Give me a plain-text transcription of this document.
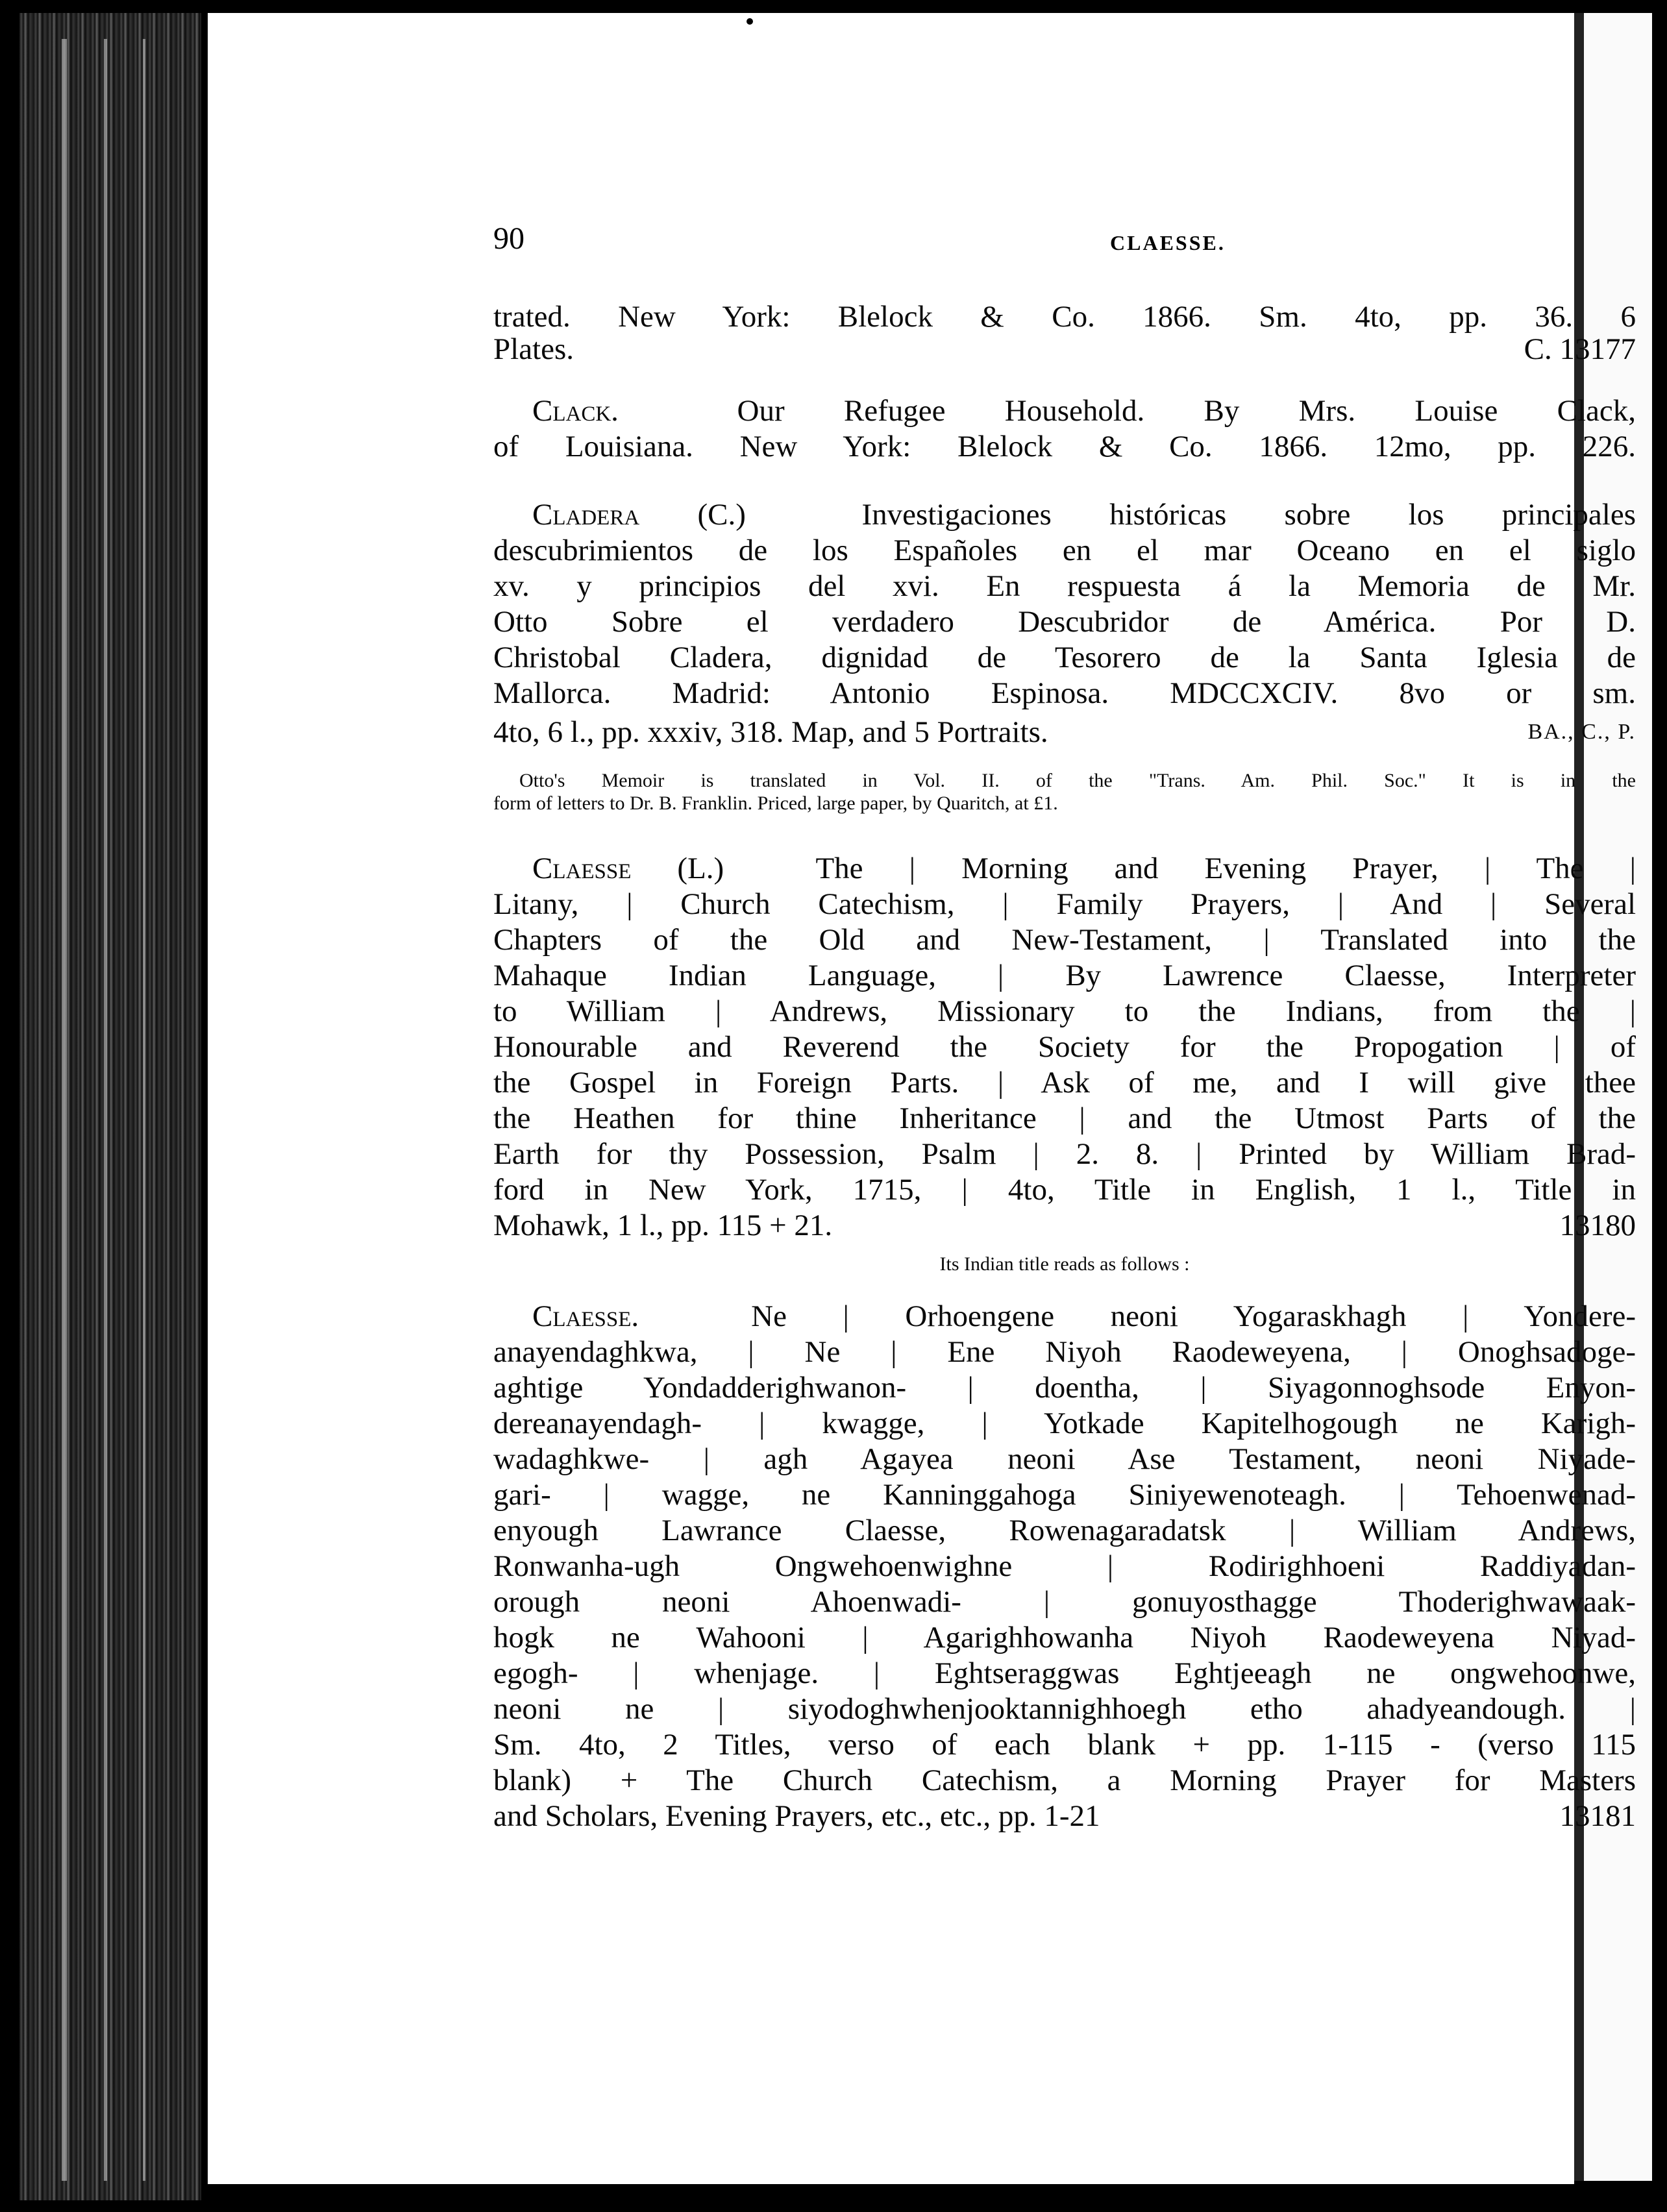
90	CLAESSE.
trated. New York: Blelock & Co. 1866. Sm. 4to, pp. 36. 6
Plates.	C. 13177
Clack.	Our Refugee Household. By Mrs. Louise Clack,
of Louisiana. New York: Blelock & Co. 1866. 12mo, pp. 226.
Cladera (C.)	Investigaciones históricas sobre los principales
descubrimientos de los Españoles en el mar Oceano en el siglo
xv. y principios del xvi. En respuesta á la Memoria de Mr.
Otto Sobre el verdadero Descubridor de América. Por D.
Christobal Cladera, dignidad de Tesorero de la Santa Iglesia de
Mallorca. Madrid: Antonio Espinosa. MDCCXCIV. 8vo or sm.
4to, 6 l., pp. xxxiv, 318. Map, and 5 Portraits.	BA., C., P.
Otto's Memoir is translated in Vol. II. of the "Trans. Am. Phil. Soc." It is in the
form of letters to Dr. B. Franklin. Priced, large paper, by Quaritch, at £1.
Claesse (L.)	The | Morning and Evening Prayer, | The |
Litany, | Church Catechism, | Family Prayers, | And | Several
Chapters of the Old and New-Testament, | Translated into the
Mahaque Indian Language, | By Lawrence Claesse, Interpreter
to William | Andrews, Missionary to the Indians, from the |
Honourable and Reverend the Society for the Propogation | of
the Gospel in Foreign Parts. | Ask of me, and I will give thee
the Heathen for thine Inheritance | and the Utmost Parts of the
Earth for thy Possession, Psalm | 2. 8. | Printed by William Brad-
ford in New York, 1715, | 4to, Title in English, 1 l., Title in
Mohawk, 1 l., pp. 115 + 21.	13180
Its Indian title reads as follows :
Claesse.	Ne | Orhoengene neoni Yogaraskhagh | Yondere-
anayendaghkwa, | Ne | Ene Niyoh Raodeweyena, | Onoghsadoge-
aghtige Yondadderighwanon- | doentha, | Siyagonnoghsode Enyon-
dereanayendagh- | kwagge, | Yotkade Kapitelhogough ne Karigh-
wadaghkwe- | agh Agayea neoni Ase Testament, neoni Niyade-
gari- | wagge, ne Kanninggahoga Siniyewenoteagh. | Tehoenwenad-
enyough Lawrance Claesse, Rowenagaradatsk | William Andrews,
Ronwanha-ugh Ongwehoenwighne | Rodirighhoeni Raddiyadan-
orough neoni Ahoenwadi- | gonuyosthagge Thoderighwawaak-
hogk ne Wahooni | Agarighhowanha Niyoh Raodeweyena Niyad-
egogh- | whenjage. | Eghtseraggwas Eghtjeeagh ne ongwehoonwe,
neoni ne | siyodoghwhenjooktannighhoegh etho ahadyeandough. |
Sm. 4to, 2 Titles, verso of each blank + pp. 1-115 - (verso 115
blank) + The Church Catechism, a Morning Prayer for Masters
and Scholars, Evening Prayers, etc., etc., pp. 1-21	13181
